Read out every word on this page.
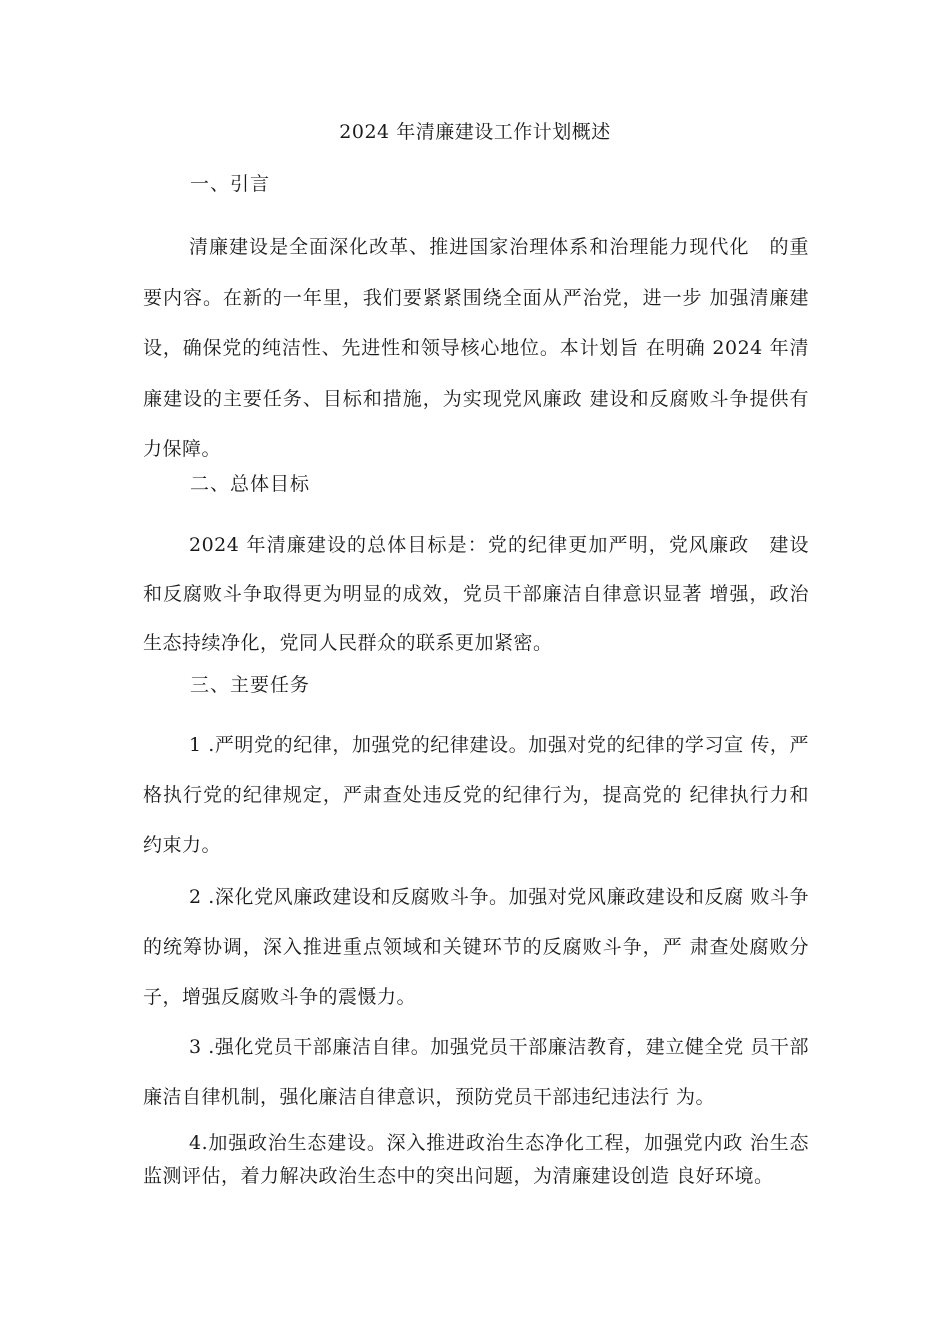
2024 年清廉建设工作计划概述
一、引言
清廉建设是全面深化改革、推进国家治理体系和治理能力现代化　的重要内容。在新的一年里，我们要紧紧围绕全面从严治党，进一步 加强清廉建设，确保党的纯洁性、先进性和领导核心地位。本计划旨 在明确 2024 年清廉建设的主要任务、目标和措施，为实现党风廉政 建设和反腐败斗争提供有力保障。
二、总体目标
2024 年清廉建设的总体目标是：党的纪律更加严明，党风廉政　建设和反腐败斗争取得更为明显的成效，党员干部廉洁自律意识显著 增强，政治生态持续净化，党同人民群众的联系更加紧密。
三、主要任务
1 .严明党的纪律，加强党的纪律建设。加强对党的纪律的学习宣 传，严格执行党的纪律规定，严肃查处违反党的纪律行为，提高党的 纪律执行力和约束力。
2 .深化党风廉政建设和反腐败斗争。加强对党风廉政建设和反腐 败斗争的统筹协调，深入推进重点领域和关键环节的反腐败斗争，严 肃查处腐败分子，增强反腐败斗争的震慑力。
3 .强化党员干部廉洁自律。加强党员干部廉洁教育，建立健全党 员干部廉洁自律机制，强化廉洁自律意识，预防党员干部违纪违法行 为。
4.加强政治生态建设。深入推进政治生态净化工程，加强党内政 治生态监测评估，着力解决政治生态中的突出问题，为清廉建设创造 良好环境。
